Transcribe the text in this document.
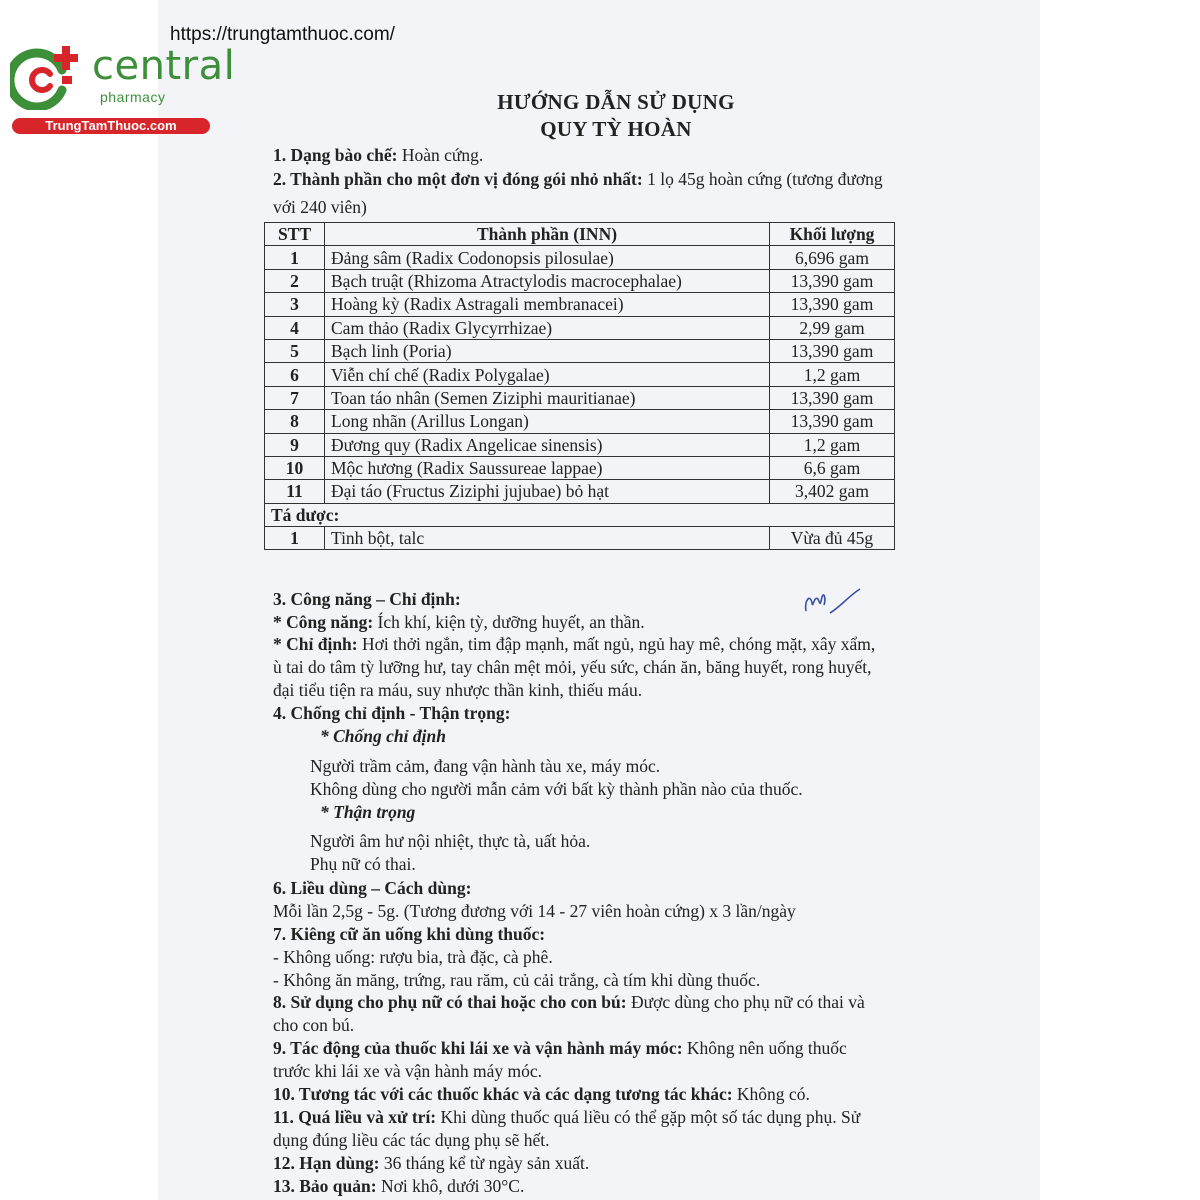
https://trungtamthuoc.com/
central
pharmacy
TrungTamThuoc.com
HƯỚNG DẪN SỬ DỤNG
QUY TỲ HOÀN
1. Dạng bào chế: Hoàn cứng.
2. Thành phần cho một đơn vị đóng gói nhỏ nhất: 1 lọ 45g hoàn cứng (tương đương
với 240 viên)
STT	Thành phần (INN)	Khối lượng
1	Đảng sâm (Radix Codonopsis pilosulae)	6,696 gam
2	Bạch truật (Rhizoma Atractylodis macrocephalae)	13,390 gam
3	Hoàng kỳ (Radix Astragali membranacei)	13,390 gam
4	Cam thảo (Radix Glycyrrhizae)	2,99 gam
5	Bạch linh (Poria)	13,390 gam
6	Viễn chí chế (Radix Polygalae)	1,2 gam
7	Toan táo nhân (Semen Ziziphi mauritianae)	13,390 gam
8	Long nhãn (Arillus Longan)	13,390 gam
9	Đương quy (Radix Angelicae sinensis)	1,2 gam
10	Mộc hương (Radix Saussureae lappae)	6,6 gam
11	Đại táo (Fructus Ziziphi jujubae) bỏ hạt	3,402 gam
Tá dược:		
1	Tinh bột, talc	Vừa đủ 45g
3. Công năng – Chỉ định:
* Công năng: Ích khí, kiện tỳ, dưỡng huyết, an thần.
* Chỉ định: Hơi thởi ngắn, tim đập mạnh, mất ngủ, ngủ hay mê, chóng mặt, xây xẩm,
ù tai do tâm tỳ lưỡng hư, tay chân mệt mỏi, yếu sức, chán ăn, băng huyết, rong huyết,
đại tiểu tiện ra máu, suy nhược thần kinh, thiếu máu.
4. Chống chỉ định - Thận trọng:
* Chống chỉ định
Người trầm cảm, đang vận hành tàu xe, máy móc.
Không dùng cho người mẫn cảm với bất kỳ thành phần nào của thuốc.
* Thận trọng
Người âm hư nội nhiệt, thực tà, uất hỏa.
Phụ nữ có thai.
6. Liều dùng – Cách dùng:
Mỗi lần 2,5g - 5g. (Tương đương với 14 - 27 viên hoàn cứng) x 3 lần/ngày
7. Kiêng cữ ăn uống khi dùng thuốc:
- Không uống: rượu bia, trà đặc, cà phê.
- Không ăn măng, trứng, rau răm, củ cải trắng, cà tím khi dùng thuốc.
8. Sử dụng cho phụ nữ có thai hoặc cho con bú: Được dùng cho phụ nữ có thai và
cho con bú.
9. Tác động của thuốc khi lái xe và vận hành máy móc: Không nên uống thuốc
trước khi lái xe và vận hành máy móc.
10. Tương tác với các thuốc khác và các dạng tương tác khác: Không có.
11. Quá liều và xử trí: Khi dùng thuốc quá liều có thể gặp một số tác dụng phụ. Sử
dụng đúng liều các tác dụng phụ sẽ hết.
12. Hạn dùng: 36 tháng kể từ ngày sản xuất.
13. Bảo quản: Nơi khô, dưới 30°C.
